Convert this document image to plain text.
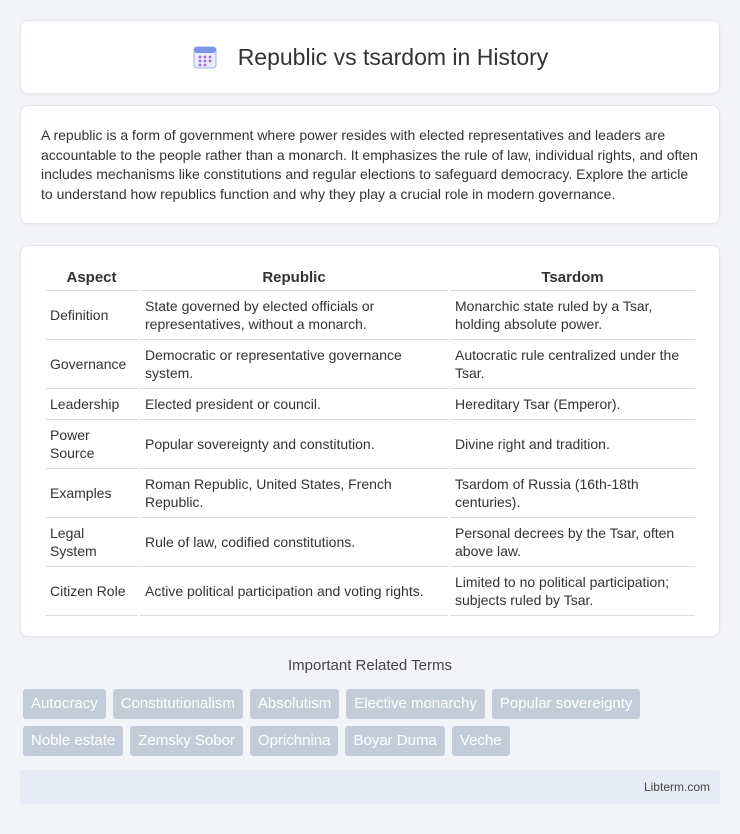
Republic vs tsardom in History

A republic is a form of government where power resides with elected representatives and leaders are accountable to the people rather than a monarch. It emphasizes the rule of law, individual rights, and often includes mechanisms like constitutions and regular elections to safeguard democracy. Explore the article to understand how republics function and why they play a crucial role in modern governance.

Aspect	Republic	Tsardom
Definition	State governed by elected officials or representatives, without a monarch.	Monarchic state ruled by a Tsar, holding absolute power.
Governance	Democratic or representative governance system.	Autocratic rule centralized under the Tsar.
Leadership	Elected president or council.	Hereditary Tsar (Emperor).
Power Source	Popular sovereignty and constitution.	Divine right and tradition.
Examples	Roman Republic, United States, French Republic.	Tsardom of Russia (16th-18th centuries).
Legal System	Rule of law, codified constitutions.	Personal decrees by the Tsar, often above law.
Citizen Role	Active political participation and voting rights.	Limited to no political participation; subjects ruled by Tsar.
Important Related Terms
Autocracy	Constitutionalism	Absolutism	Elective monarchy	Popular sovereignty
Noble estate	Zemsky Sobor	Oprichnina	Boyar Duma	Veche
Libterm.com
